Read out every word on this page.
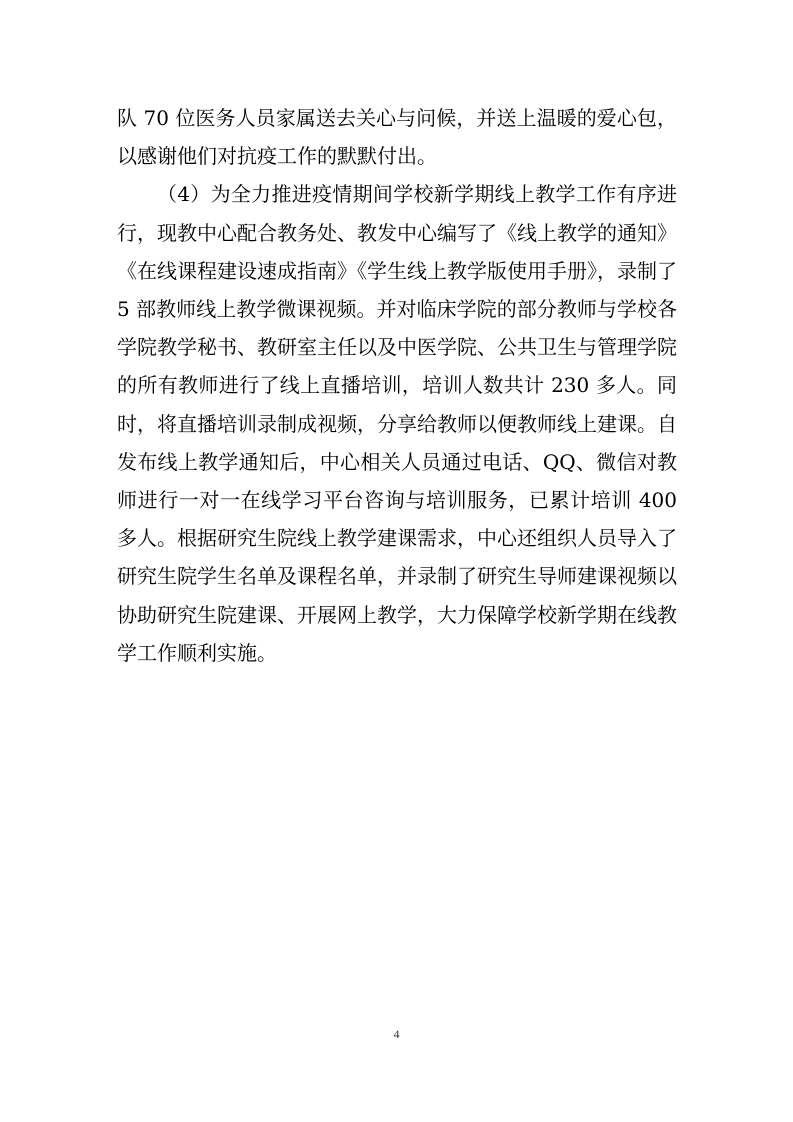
队 70 位医务人员家属送去关心与问候，并送上温暖的爱心包，以感谢他们对抗疫工作的默默付出。

（4）为全力推进疫情期间学校新学期线上教学工作有序进行，现教中心配合教务处、教发中心编写了《线上教学的通知》《在线课程建设速成指南》《学生线上教学版使用手册》，录制了 5 部教师线上教学微课视频。并对临床学院的部分教师与学校各学院教学秘书、教研室主任以及中医学院、公共卫生与管理学院的所有教师进行了线上直播培训，培训人数共计 230 多人。同时，将直播培训录制成视频，分享给教师以便教师线上建课。自发布线上教学通知后，中心相关人员通过电话、QQ、微信对教师进行一对一在线学习平台咨询与培训服务，已累计培训 400 多人。根据研究生院线上教学建课需求，中心还组织人员导入了研究生院学生名单及课程名单，并录制了研究生导师建课视频以协助研究生院建课、开展网上教学，大力保障学校新学期在线教学工作顺利实施。

4
